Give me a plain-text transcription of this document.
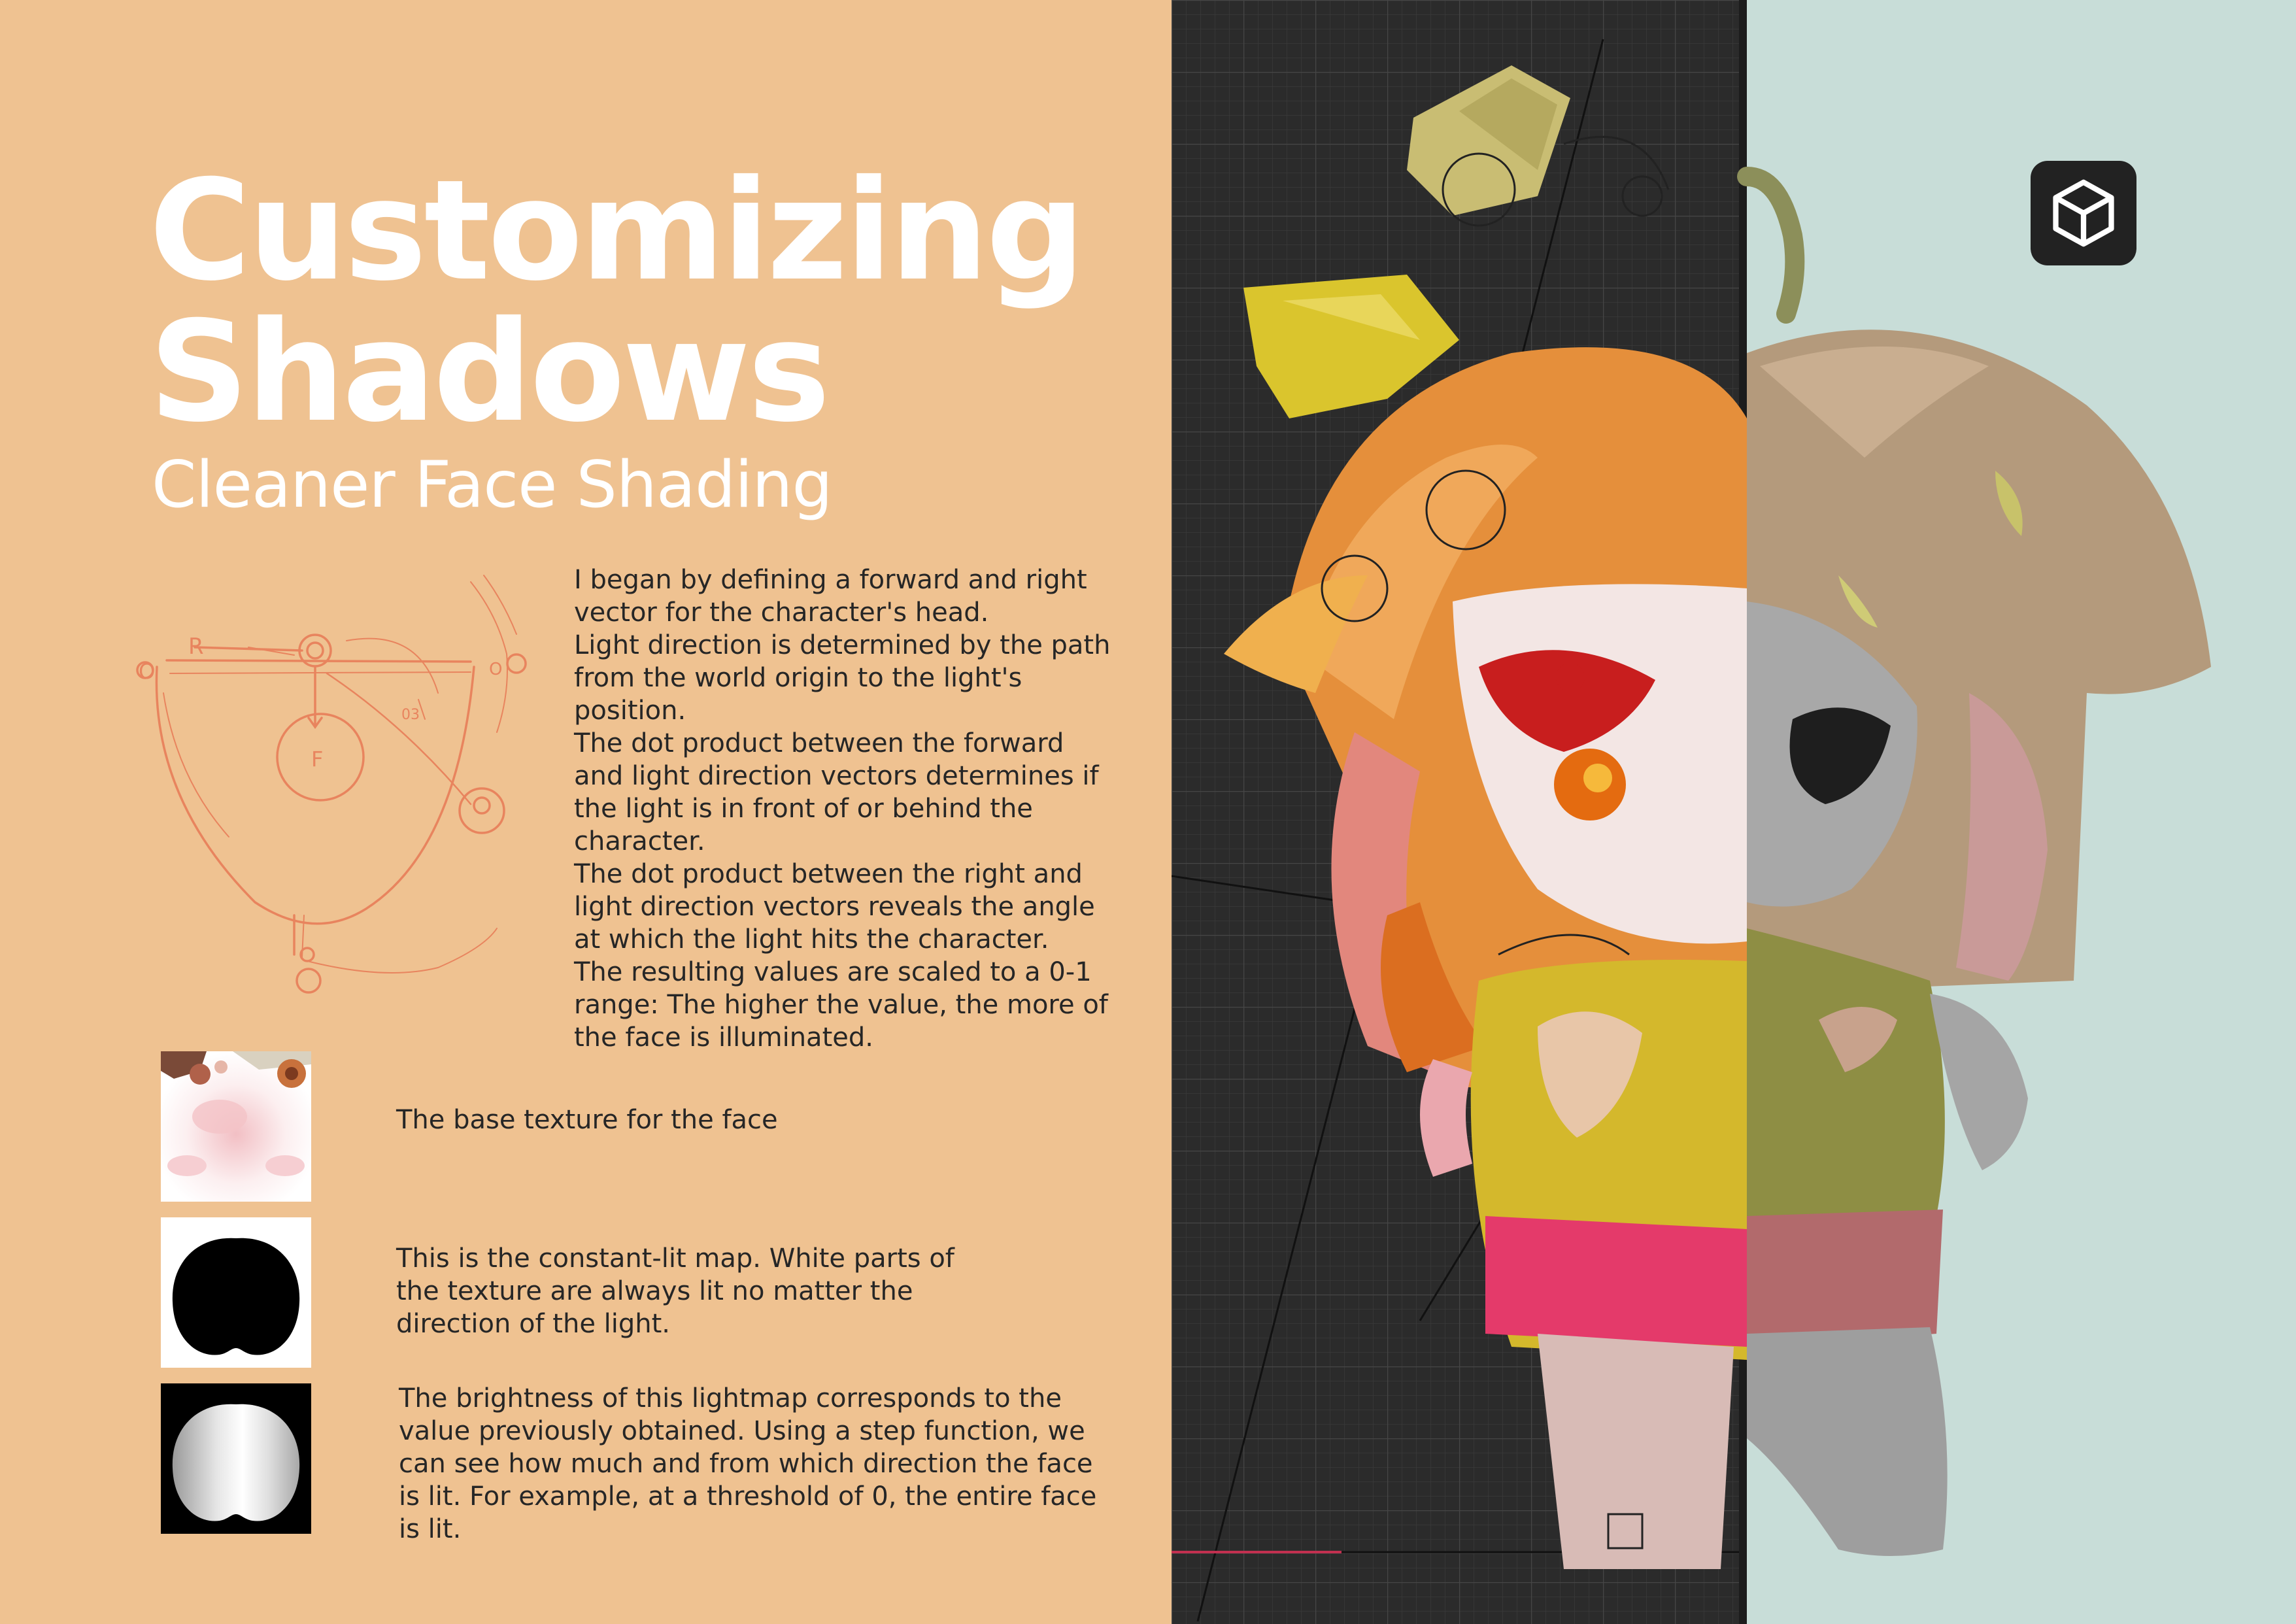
Customizing
Shadows
Cleaner Face Shading
R
F
03
O	O

I began by defining a forward and right
vector for the character's head.
Light direction is determined by the path
from the world origin to the light's
position.
The dot product between the forward
and light direction vectors determines if
the light is in front of or behind the
character.
The dot product between the right and
light direction vectors reveals the angle
at which the light hits the character.
The resulting values are scaled to a 0-1
range: The higher the value, the more of
the face is illuminated.

The base texture for the face

This is the constant-lit map. White parts of
the texture are always lit no matter the
direction of the light.

The brightness of this lightmap corresponds to the
value previously obtained. Using a step function, we
can see how much and from which direction the face
is lit. For example, at a threshold of 0, the entire face
is lit.
